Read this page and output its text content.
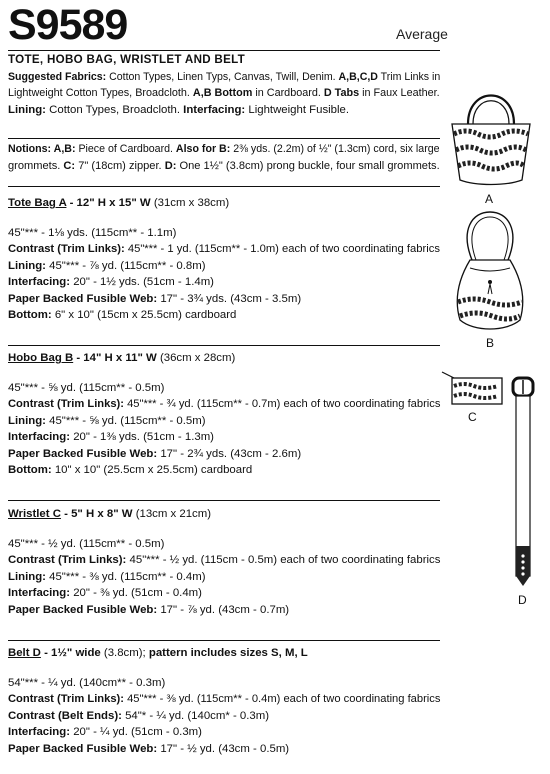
S9589	Average

TOTE, HOBO BAG, WRISTLET AND BELT

Suggested Fabrics: Cotton Types, Linen Typs, Canvas, Twill, Denim. A,B,C,D Trim Links in

Lightweight Cotton Types, Broadcloth. A,B Bottom in Cardboard. D Tabs in Faux Leather.

Lining: Cotton Types, Broadcloth. Interfacing: Lightweight Fusible.

Notions: A,B: Piece of Cardboard. Also for B: 2⅜ yds. (2.2m) of ½" (1.3cm) cord, six large

grommets. C: 7" (18cm) zipper. D: One 1½" (3.8cm) prong buckle, four small grommets.

Tote Bag A - 12" H x 15" W (31cm x 38cm)

45"*** - 1⅛ yds. (115cm** - 1.1m)

Contrast (Trim Links): 45"*** - 1 yd. (115cm** - 1.0m) each of two coordinating fabrics

Lining: 45"*** - ⅞ yd. (115cm** - 0.8m)

Interfacing: 20" - 1½ yds. (51cm - 1.4m)

Paper Backed Fusible Web: 17" - 3¾ yds. (43cm - 3.5m)

Bottom: 6" x 10" (15cm x 25.5cm) cardboard

Hobo Bag B - 14" H x 11" W (36cm x 28cm)

45"*** - ⅝ yd. (115cm** - 0.5m)

Contrast (Trim Links): 45"*** - ¾ yd. (115cm** - 0.7m) each of two coordinating fabrics

Lining: 45"*** - ⅝ yd. (115cm** - 0.5m)

Interfacing: 20" - 1⅜ yds. (51cm - 1.3m)

Paper Backed Fusible Web: 17" - 2¾ yds. (43cm - 2.6m)

Bottom: 10" x 10" (25.5cm x 25.5cm) cardboard

Wristlet C - 5" H x 8" W (13cm x 21cm)

45"*** - ½ yd. (115cm** - 0.5m)

Contrast (Trim Links): 45"*** - ½ yd. (115cm - 0.5m) each of two coordinating fabrics

Lining: 45"*** - ⅜ yd. (115cm** - 0.4m)

Interfacing: 20" - ⅜ yd. (51cm - 0.4m)

Paper Backed Fusible Web: 17" - ⅞ yd. (43cm - 0.7m)

Belt D - 1½" wide (3.8cm); pattern includes sizes S, M, L

54"*** - ¼ yd. (140cm** - 0.3m)

Contrast (Trim Links): 45"*** - ⅜ yd. (115cm** - 0.4m) each of two coordinating fabrics

Contrast (Belt Ends): 54"* - ¼ yd. (140cm* - 0.3m)

Interfacing: 20" - ¼ yd. (51cm - 0.3m)

Paper Backed Fusible Web: 17" - ½ yd. (43cm - 0.5m)

A
B
C
D
